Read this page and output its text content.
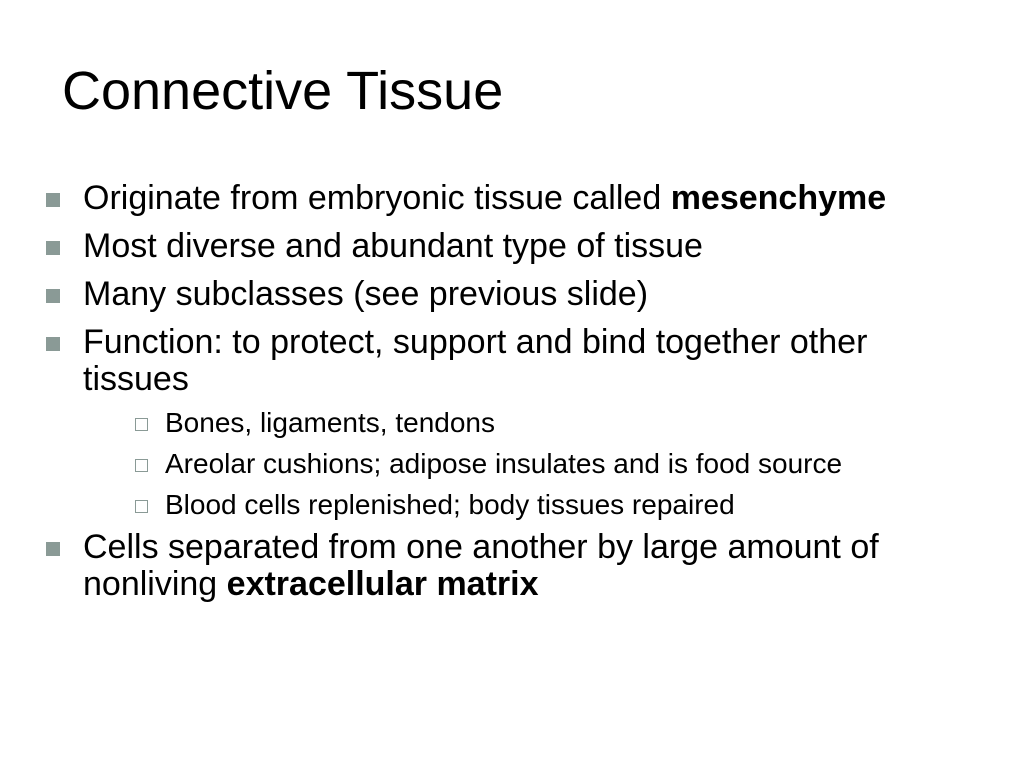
Connective Tissue
Originate from embryonic tissue called mesenchyme
Most diverse and abundant type of tissue
Many subclasses (see previous slide)
Function: to protect, support and bind together other tissues
Bones, ligaments, tendons
Areolar cushions; adipose insulates and is food source
Blood cells replenished; body tissues repaired
Cells separated from one another by large amount of nonliving extracellular matrix
